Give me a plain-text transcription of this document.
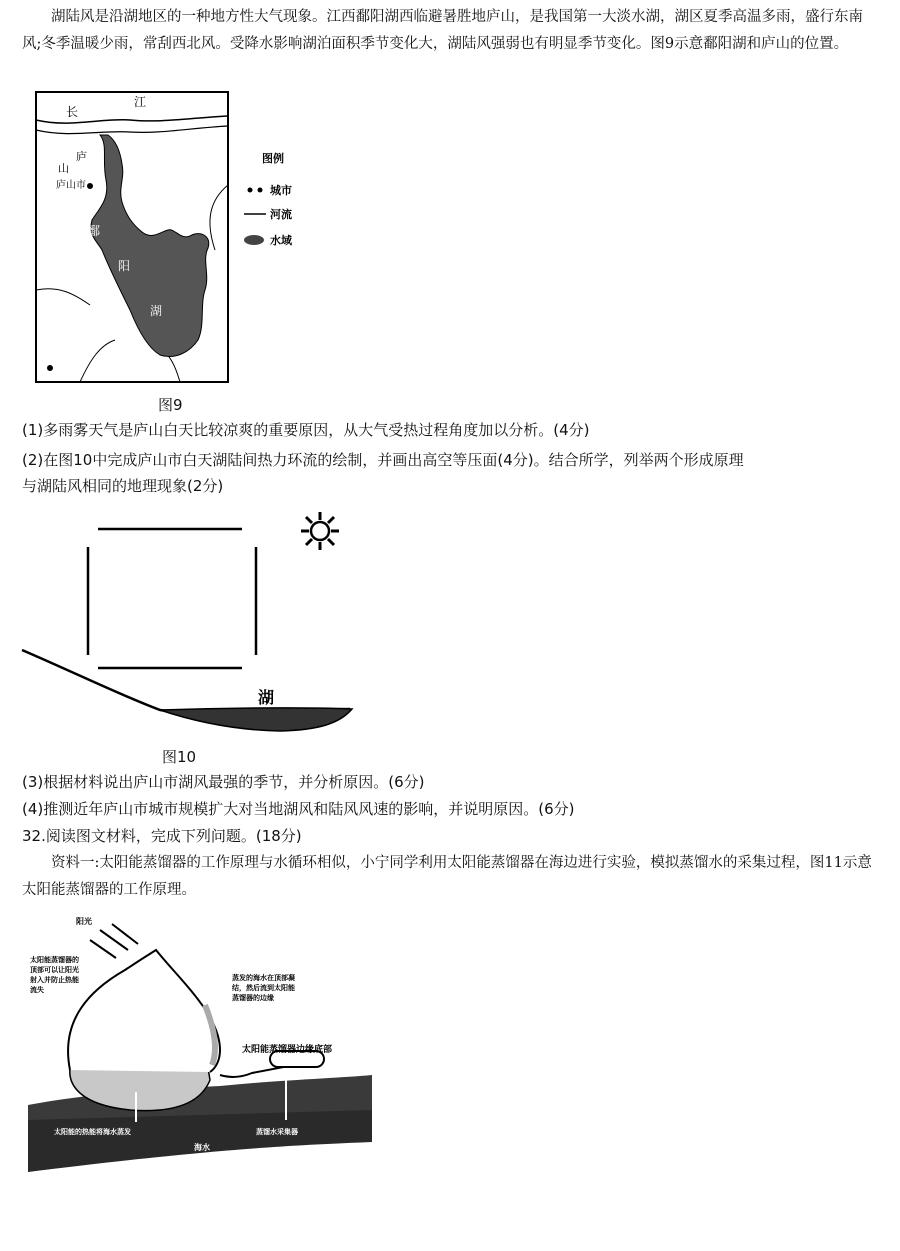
湖陆风是沿湖地区的一种地方性大气现象。江西鄱阳湖西临避暑胜地庐山，是我国第一大淡水湖，湖区夏季高温多雨，盛行东南风;冬季温暖少雨，常刮西北风。受降水影响湖泊面积季节变化大，湖陆风强弱也有明显季节变化。图9示意鄱阳湖和庐山的位置。
长
江
庐
山
庐山市
鄱
阳
湖
图例
城市
河流
水域
图9
(1)多雨雾天气是庐山白天比较凉爽的重要原因，从大气受热过程角度加以分析。(4分)
(2)在图10中完成庐山市白天湖陆间热力环流的绘制，并画出高空等压面(4分)。结合所学，列举两个形成原理
与湖陆风相同的地理现象(2分)
湖
图10
(3)根据材料说出庐山市湖风最强的季节，并分析原因。(6分)
(4)推测近年庐山市城市规模扩大对当地湖风和陆风风速的影响，并说明原因。(6分)
32.阅读图文材料，完成下列问题。(18分)
资料一:太阳能蒸馏器的工作原理与水循环相似，小宁同学利用太阳能蒸馏器在海边进行实验，模拟蒸馏水的采集过程，图11示意太阳能蒸馏器的工作原理。
阳光
太阳能蒸馏器的
顶部可以让阳光
射入并防止热能
流失
蒸发的海水在顶部凝
结，然后流到太阳能
蒸馏器的边缘
太阳能蒸馏器边缘底部
太阳能的热能将海水蒸发
海水
蒸馏水采集器
